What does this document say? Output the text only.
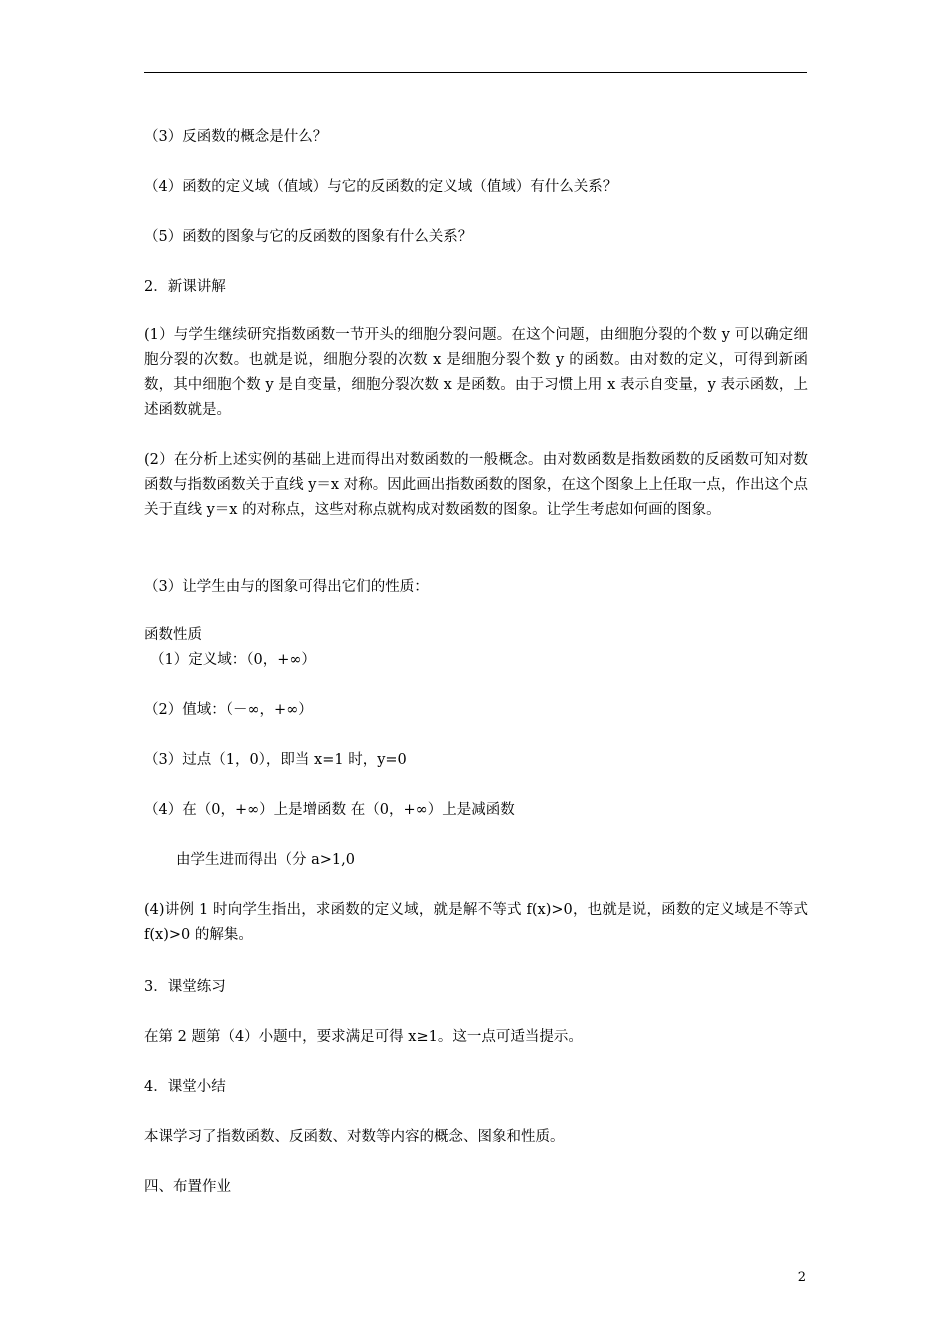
（3）反函数的概念是什么？
（4）函数的定义域（值域）与它的反函数的定义域（值域）有什么关系？
（5）函数的图象与它的反函数的图象有什么关系？
2．新课讲解
(1）与学生继续研究指数函数一节开头的细胞分裂问题。在这个问题，由细胞分裂的个数 y 可以确定细胞分裂的次数。也就是说，细胞分裂的次数 x 是细胞分裂个数 y 的函数。由对数的定义，可得到新函数，其中细胞个数 y 是自变量，细胞分裂次数 x 是函数。由于习惯上用 x 表示自变量，y 表示函数，上述函数就是。
(2）在分析上述实例的基础上进而得出对数函数的一般概念。由对数函数是指数函数的反函数可知对数函数与指数函数关于直线 y＝x 对称。因此画出指数函数的图象，在这个图象上上任取一点，作出这个点关于直线 y＝x 的对称点，这些对称点就构成对数函数的图象。让学生考虑如何画的图象。
（3）让学生由与的图象可得出它们的性质：
函数性质
（1）定义域：（0，+∞）
（2）值域：（－∞，+∞）
（3）过点（1，0），即当 x=1 时，y=0
（4）在（0，+∞）上是增函数 在（0，+∞）上是减函数
由学生进而得出（分 a>1,0
(4)讲例 1 时向学生指出，求函数的定义域，就是解不等式 f(x)>0，也就是说，函数的定义域是不等式 f(x)>0 的解集。
3．课堂练习
在第 2 题第（4）小题中，要求满足可得 x≥1。这一点可适当提示。
4．课堂小结
本课学习了指数函数、反函数、对数等内容的概念、图象和性质。
四、布置作业
2
